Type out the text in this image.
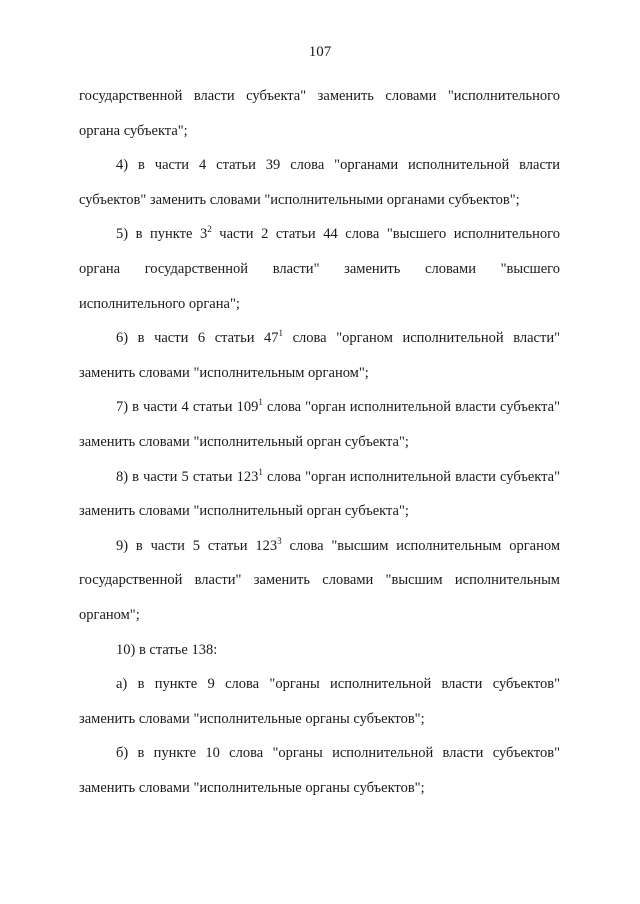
107

государственной власти субъекта" заменить словами "исполнительного органа субъекта";

4) в части 4 статьи 39 слова "органами исполнительной власти субъектов" заменить словами "исполнительными органами субъектов";

5) в пункте $3^2$ части 2 статьи 44 слова "высшего исполнительного органа государственной власти" заменить словами "высшего исполнительного органа";

6) в части 6 статьи $47^1$ слова "органом исполнительной власти" заменить словами "исполнительным органом";

7) в части 4 статьи $109^1$ слова "орган исполнительной власти субъекта" заменить словами "исполнительный орган субъекта";

8) в части 5 статьи $123^1$ слова "орган исполнительной власти субъекта" заменить словами "исполнительный орган субъекта";

9) в части 5 статьи $123^3$ слова "высшим исполнительным органом государственной власти" заменить словами "высшим исполнительным органом";

10) в статье 138:

а) в пункте 9 слова "органы исполнительной власти субъектов" заменить словами "исполнительные органы субъектов";

б) в пункте 10 слова "органы исполнительной власти субъектов" заменить словами "исполнительные органы субъектов";
